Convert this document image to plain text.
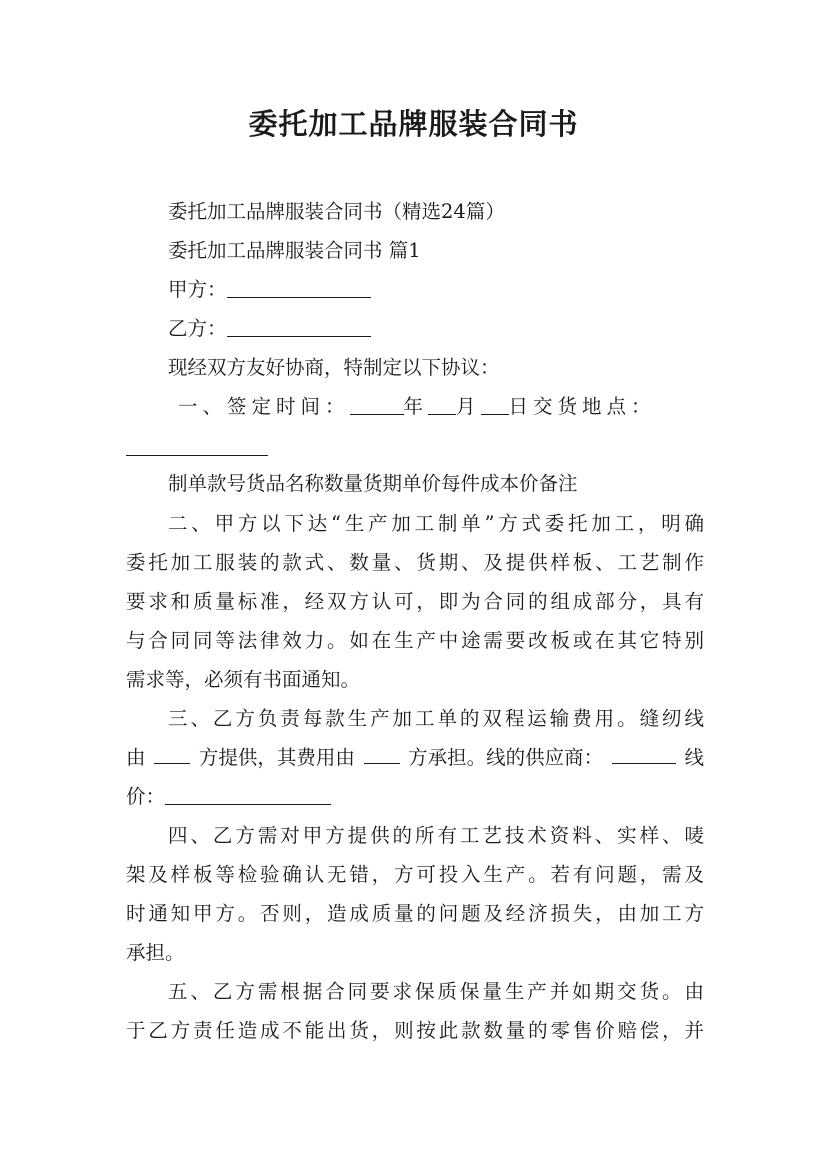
委托加工品牌服装合同书
委托加工品牌服装合同书（精选24篇）
委托加工品牌服装合同书 篇1
甲方：
乙方：
现经双方友好协商，特制定以下协议：
一、签定时间：	年 月 日交货地点：
制单款号货品名称数量货期单价每件成本价备注
二、甲方以下达“生产加工制单”方式委托加工，明确
委托加工服装的款式、数量、货期、及提供样板、工艺制作
要求和质量标准，经双方认可，即为合同的组成部分，具有
与合同同等法律效力。如在生产中途需要改板或在其它特别
需求等，必须有书面通知。
三、乙方负责每款生产加工单的双程运输费用。缝纫线
由	方提供，其费用由	方承担。线的供应商：	线
价：
四、乙方需对甲方提供的所有工艺技术资料、实样、唛
架及样板等检验确认无错，方可投入生产。若有问题，需及
时通知甲方。否则，造成质量的问题及经济损失，由加工方
承担。
五、乙方需根据合同要求保质保量生产并如期交货。由
于乙方责任造成不能出货，则按此款数量的零售价赔偿，并
